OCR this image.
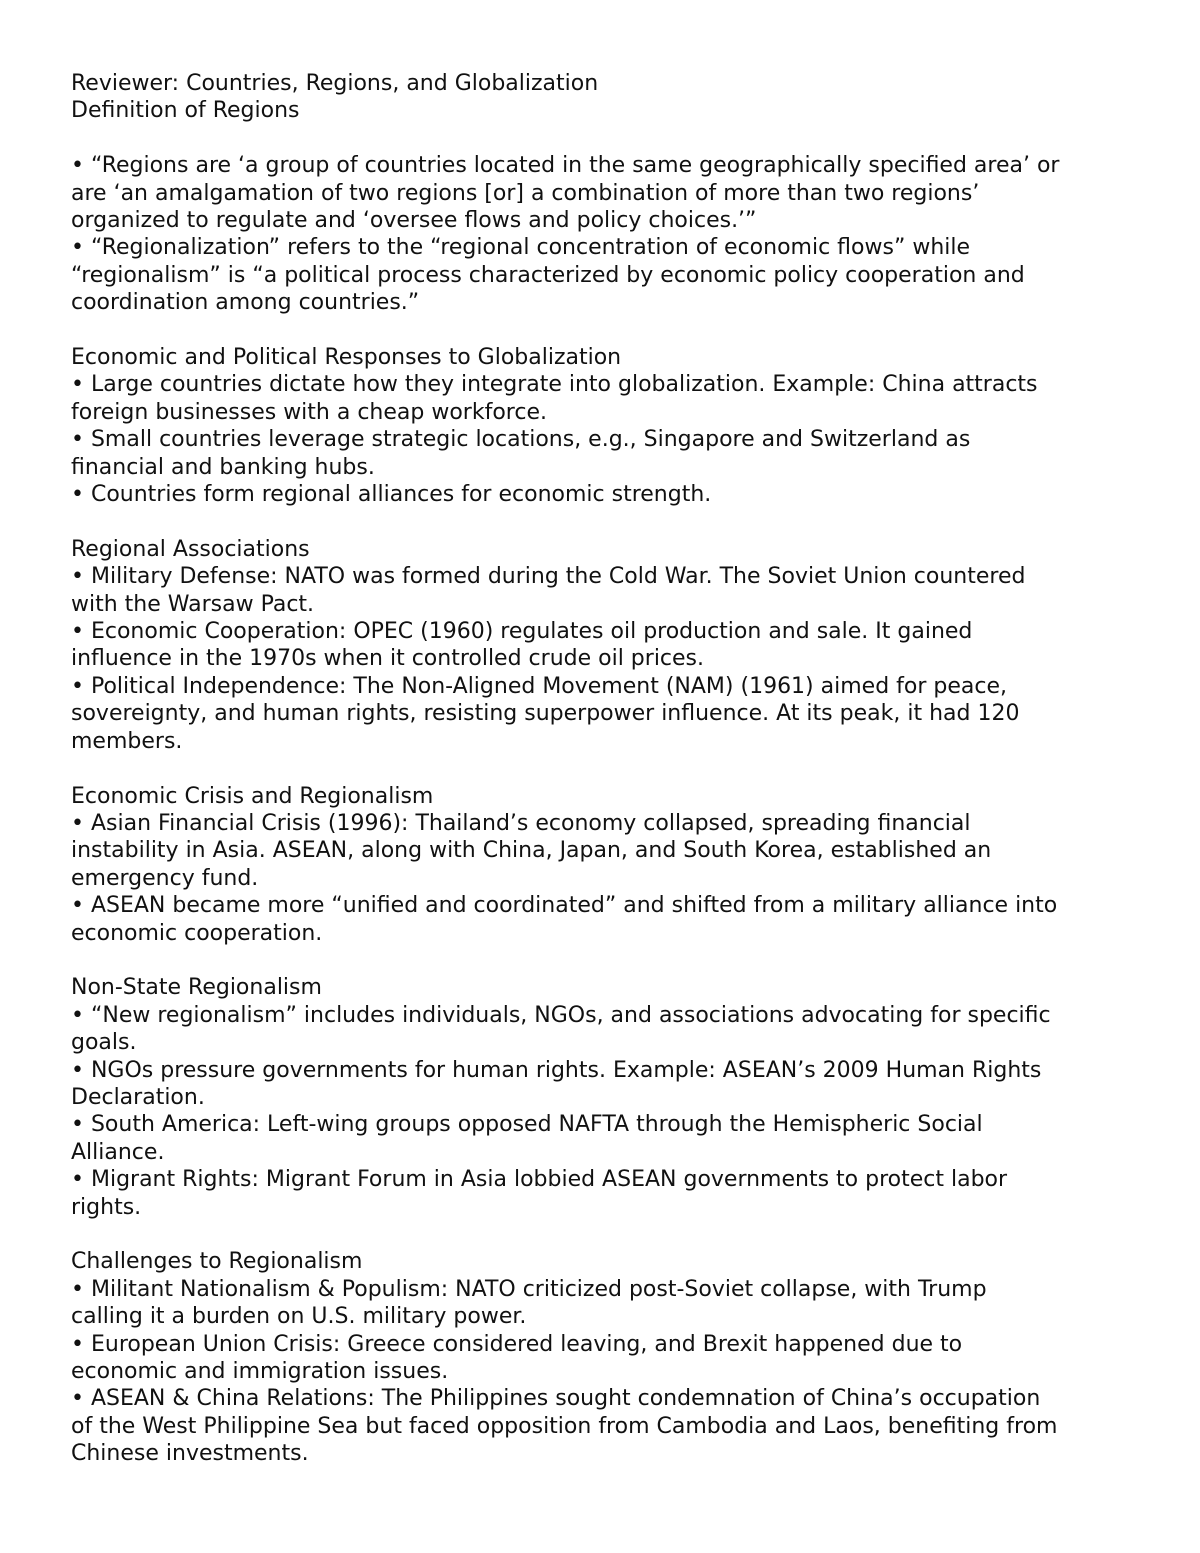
Reviewer: Countries, Regions, and Globalization
Definition of Regions
• “Regions are ‘a group of countries located in the same geographically specified area’ or
are ‘an amalgamation of two regions [or] a combination of more than two regions’
organized to regulate and ‘oversee flows and policy choices.’”
• “Regionalization” refers to the “regional concentration of economic flows” while
“regionalism” is “a political process characterized by economic policy cooperation and
coordination among countries.”
Economic and Political Responses to Globalization
• Large countries dictate how they integrate into globalization. Example: China attracts
foreign businesses with a cheap workforce.
• Small countries leverage strategic locations, e.g., Singapore and Switzerland as
financial and banking hubs.
• Countries form regional alliances for economic strength.
Regional Associations
• Military Defense: NATO was formed during the Cold War. The Soviet Union countered
with the Warsaw Pact.
• Economic Cooperation: OPEC (1960) regulates oil production and sale. It gained
influence in the 1970s when it controlled crude oil prices.
• Political Independence: The Non-Aligned Movement (NAM) (1961) aimed for peace,
sovereignty, and human rights, resisting superpower influence. At its peak, it had 120
members.
Economic Crisis and Regionalism
• Asian Financial Crisis (1996): Thailand’s economy collapsed, spreading financial
instability in Asia. ASEAN, along with China, Japan, and South Korea, established an
emergency fund.
• ASEAN became more “unified and coordinated” and shifted from a military alliance into
economic cooperation.
Non-State Regionalism
• “New regionalism” includes individuals, NGOs, and associations advocating for specific
goals.
• NGOs pressure governments for human rights. Example: ASEAN’s 2009 Human Rights
Declaration.
• South America: Left-wing groups opposed NAFTA through the Hemispheric Social
Alliance.
• Migrant Rights: Migrant Forum in Asia lobbied ASEAN governments to protect labor
rights.
Challenges to Regionalism
• Militant Nationalism & Populism: NATO criticized post-Soviet collapse, with Trump
calling it a burden on U.S. military power.
• European Union Crisis: Greece considered leaving, and Brexit happened due to
economic and immigration issues.
• ASEAN & China Relations: The Philippines sought condemnation of China’s occupation
of the West Philippine Sea but faced opposition from Cambodia and Laos, benefiting from
Chinese investments.
